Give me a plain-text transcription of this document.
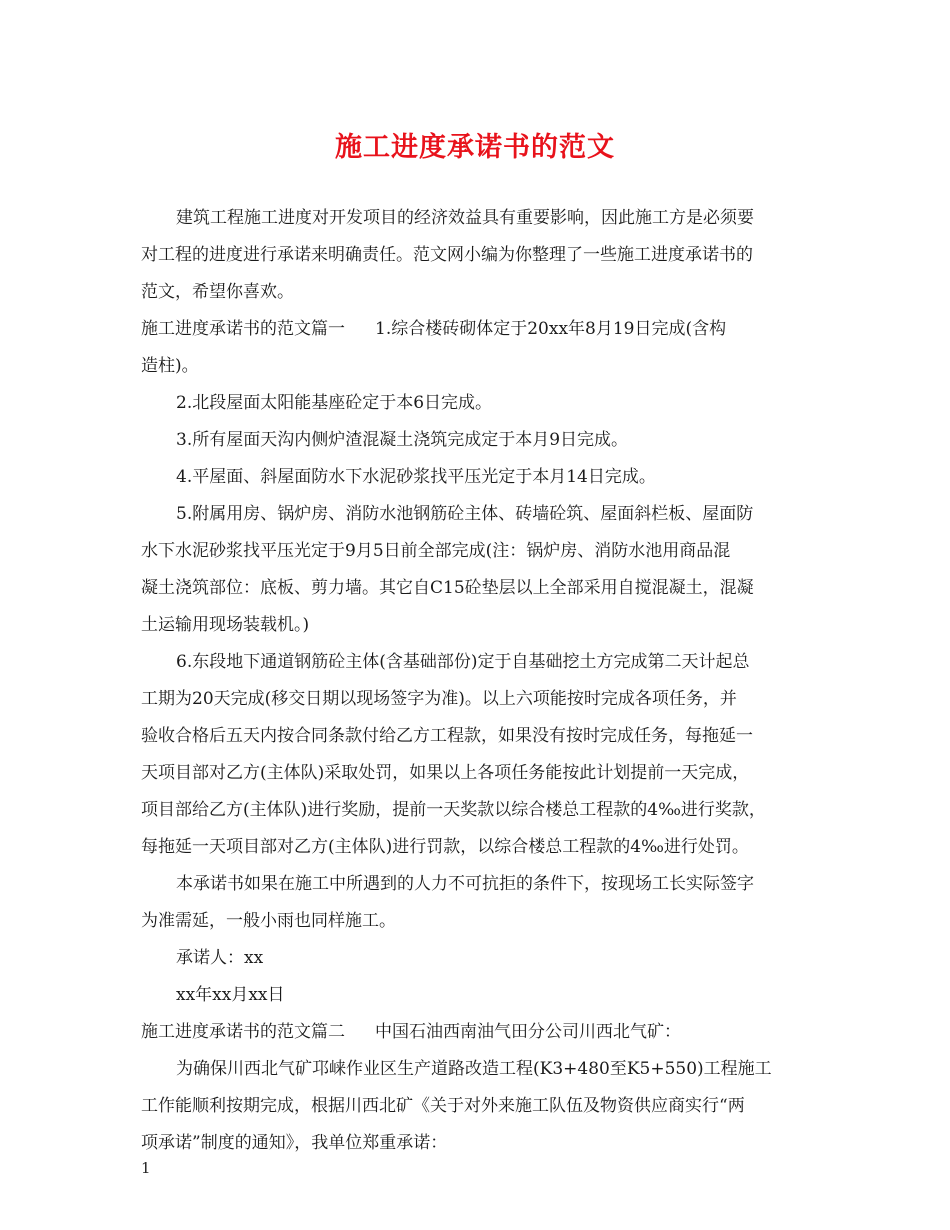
施工进度承诺书的范文
建筑工程施工进度对开发项目的经济效益具有重要影响，因此施工方是必须要
对工程的进度进行承诺来明确责任。范文网小编为你整理了一些施工进度承诺书的
范文，希望你喜欢。
施工进度承诺书的范文篇一 1.综合楼砖砌体定于20xx年8月19日完成(含构
造柱)。
2.北段屋面太阳能基座砼定于本6日完成。
3.所有屋面天沟内侧炉渣混凝土浇筑完成定于本月9日完成。
4.平屋面、斜屋面防水下水泥砂浆找平压光定于本月14日完成。
5.附属用房、锅炉房、消防水池钢筋砼主体、砖墙砼筑、屋面斜栏板、屋面防
水下水泥砂浆找平压光定于9月5日前全部完成(注：锅炉房、消防水池用商品混
凝土浇筑部位：底板、剪力墙。其它自C15砼垫层以上全部采用自搅混凝土，混凝
土运输用现场装载机。)
6.东段地下通道钢筋砼主体(含基础部份)定于自基础挖土方完成第二天计起总
工期为20天完成(移交日期以现场签字为准)。以上六项能按时完成各项任务，并
验收合格后五天内按合同条款付给乙方工程款，如果没有按时完成任务，每拖延一
天项目部对乙方(主体队)采取处罚，如果以上各项任务能按此计划提前一天完成，
项目部给乙方(主体队)进行奖励，提前一天奖款以综合楼总工程款的4‰进行奖款，
每拖延一天项目部对乙方(主体队)进行罚款，以综合楼总工程款的4‰进行处罚。
本承诺书如果在施工中所遇到的人力不可抗拒的条件下，按现场工长实际签字
为准需延，一般小雨也同样施工。
承诺人：xx
xx年xx月xx日
施工进度承诺书的范文篇二 中国石油西南油气田分公司川西北气矿：
为确保川西北气矿邛崃作业区生产道路改造工程(K3+480至K5+550)工程施工
工作能顺利按期完成，根据川西北矿《关于对外来施工队伍及物资供应商实行“两
项承诺”制度的通知》，我单位郑重承诺：
1
